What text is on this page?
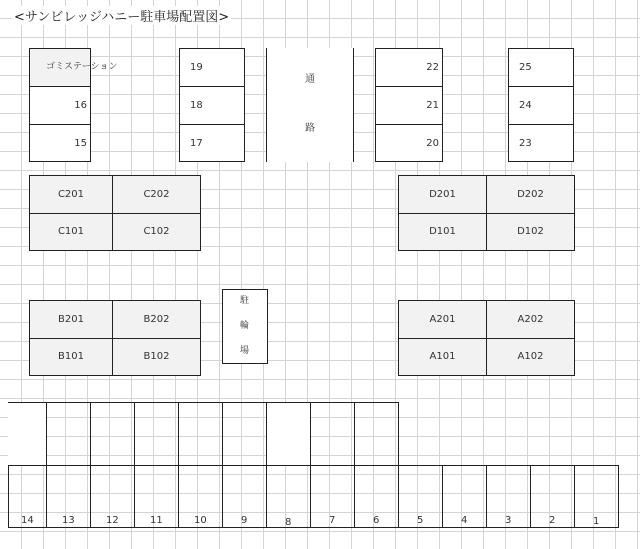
<サンビレッジハニー駐車場配置図>
ゴミステーション
16
15
19
18
17
通
路
22
21
20
25
24
23
C201	C202
C101	C102
D201	D202
D101	D102
B201	B202
B101	B102
駐
輪
場
A201	A202
A101	A102
14	13	12	11	10	9	8	7	6	5	4	3	2	1
